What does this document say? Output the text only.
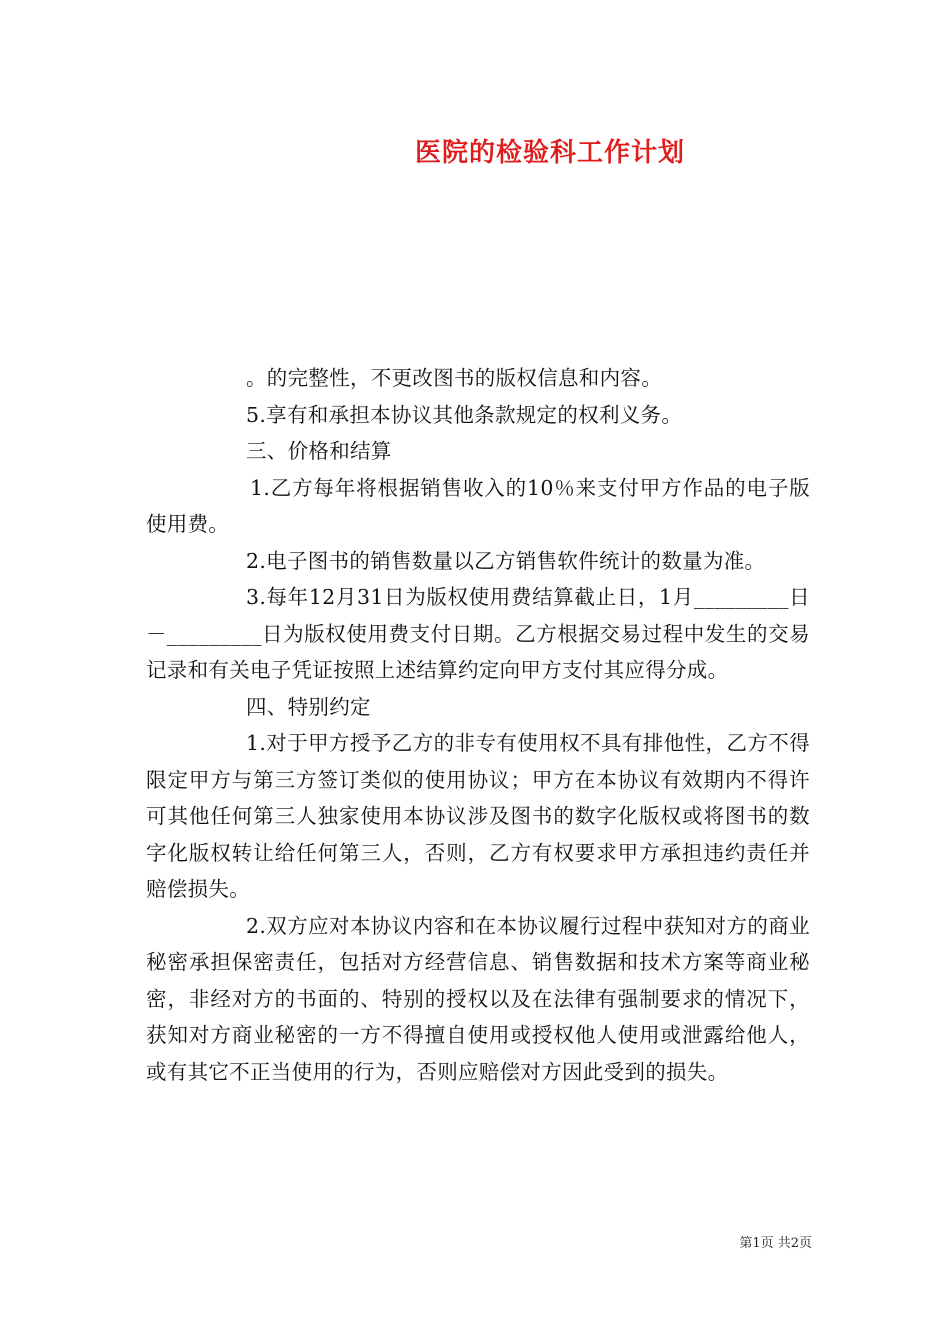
医院的检验科工作计划

。的完整性，不更改图书的版权信息和内容。

5.享有和承担本协议其他条款规定的权利义务。

三、价格和结算

1.乙方每年将根据销售收入的10％来支付甲方作品的电子版使用费。

2.电子图书的销售数量以乙方销售软件统计的数量为准。

3.每年12月31日为版权使用费结算截止日，1月_________日－_________日为版权使用费支付日期。乙方根据交易过程中发生的交易记录和有关电子凭证按照上述结算约定向甲方支付其应得分成。

四、特别约定

1.对于甲方授予乙方的非专有使用权不具有排他性，乙方不得限定甲方与第三方签订类似的使用协议；甲方在本协议有效期内不得许可其他任何第三人独家使用本协议涉及图书的数字化版权或将图书的数字化版权转让给任何第三人，否则，乙方有权要求甲方承担违约责任并赔偿损失。

2.双方应对本协议内容和在本协议履行过程中获知对方的商业秘密承担保密责任，包括对方经营信息、销售数据和技术方案等商业秘密，非经对方的书面的、特别的授权以及在法律有强制要求的情况下，获知对方商业秘密的一方不得擅自使用或授权他人使用或泄露给他人，或有其它不正当使用的行为，否则应赔偿对方因此受到的损失。

第1页 共2页
